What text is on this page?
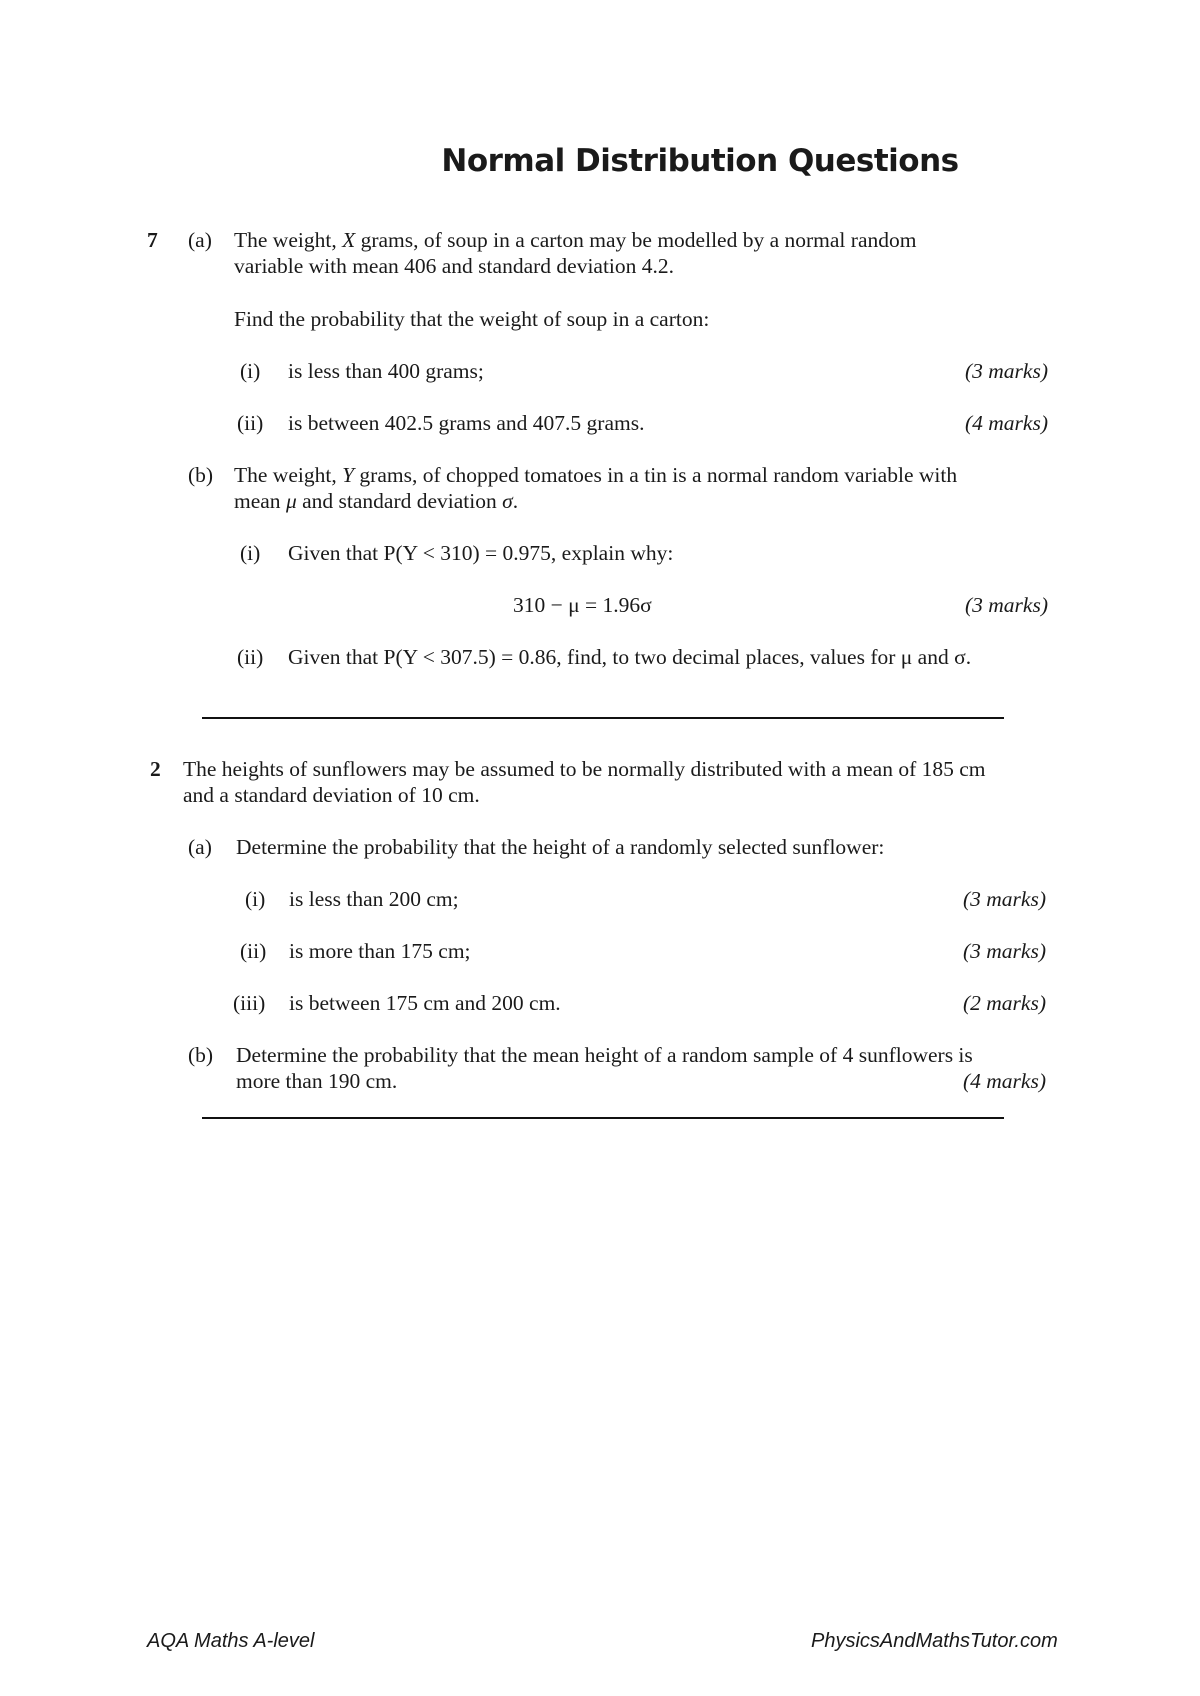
Normal Distribution Questions
7 (a) The weight, X grams, of soup in a carton may be modelled by a normal random
variable with mean 406 and standard deviation 4.2.
Find the probability that the weight of soup in a carton:
(i) is less than 400 grams;	(3 marks)
(ii) is between 402.5 grams and 407.5 grams.	(4 marks)
(b) The weight, Y grams, of chopped tomatoes in a tin is a normal random variable with
mean μ and standard deviation σ.
(i) Given that P(Y < 310) = 0.975, explain why:
310 − μ = 1.96σ	(3 marks)
(ii) Given that P(Y < 307.5) = 0.86, find, to two decimal places, values for μ and σ.
2 The heights of sunflowers may be assumed to be normally distributed with a mean of 185 cm
and a standard deviation of 10 cm.
(a) Determine the probability that the height of a randomly selected sunflower:
(i) is less than 200 cm;	(3 marks)
(ii) is more than 175 cm;	(3 marks)
(iii) is between 175 cm and 200 cm.	(2 marks)
(b) Determine the probability that the mean height of a random sample of 4 sunflowers is
more than 190 cm.	(4 marks)
AQA Maths A-level	PhysicsAndMathsTutor.com
